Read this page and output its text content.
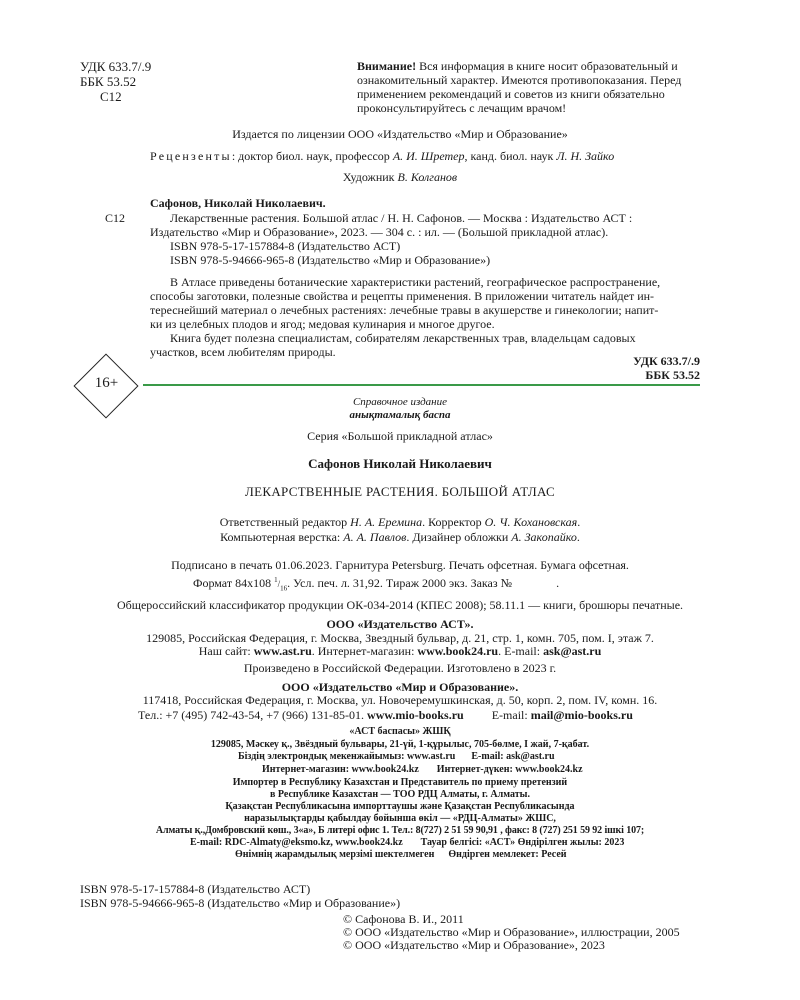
УДК 633.7/.9
ББК 53.52
С12
Внимание! Вся информация в книге носит образовательный и
ознакомительный характер. Имеются противопоказания. Перед
применением рекомендаций и советов из книги обязательно
проконсультируйтесь с лечащим врачом!
Издается по лицензии ООО «Издательство «Мир и Образование»
Рецензенты: доктор биол. наук, профессор А. И. Шретер, канд. биол. наук Л. Н. Зайко
Художник В. Колганов
Сафонов, Николай Николаевич.
С12	Лекарственные растения. Большой атлас / Н. Н. Сафонов. — Москва : Издательство АСТ :
Издательство «Мир и Образование», 2023. — 304 с. : ил. — (Большой прикладной атлас).
ISBN 978-5-17-157884-8 (Издательство АСТ)
ISBN 978-5-94666-965-8 (Издательство «Мир и Образование»)
В Атласе приведены ботанические характеристики растений, географическое распространение,
способы заготовки, полезные свойства и рецепты применения. В приложении читатель найдет ин-
тереснейший материал о лечебных растениях: лечебные травы в акушерстве и гинекологии; напит-
ки из целебных плодов и ягод; медовая кулинария и многое другое.
Книга будет полезна специалистам, собирателям лекарственных трав, владельцам садовых
участков, всем любителям природы.
УДК 633.7/.9
ББК 53.52
16+
Справочное издание
анықтамалық баспа
Серия «Большой прикладной атлас»
Сафонов Николай Николаевич
ЛЕКАРСТВЕННЫЕ РАСТЕНИЯ. БОЛЬШОЙ АТЛАС
Ответственный редактор Н. А. Еремина. Корректор О. Ч. Кохановская.
Компьютерная верстка: А. А. Павлов. Дизайнер обложки А. Закопайко.
Подписано в печать 01.06.2023. Гарнитура Petersburg. Печать офсетная. Бумага офсетная.
Формат 84x108 $^1/_{16}$. Усл. печ. л. 31,92. Тираж 2000 экз. Заказ №	.
Общероссийский классификатор продукции ОК-034-2014 (КПЕС 2008); 58.11.1 — книги, брошюры печатные.
ООО «Издательство АСТ».
129085, Российская Федерация, г. Москва, Звездный бульвар, д. 21, стр. 1, комн. 705, пом. I, этаж 7.
Наш сайт: www.ast.ru. Интернет-магазин: www.book24.ru. E-mail: ask@ast.ru
Произведено в Российской Федерации. Изготовлено в 2023 г.
ООО «Издательство «Мир и Образование».
117418, Российская Федерация, г. Москва, ул. Новочеремушкинская, д. 50, корп. 2, пом. IV, комн. 16.
Тел.: +7 (495) 742-43-54, +7 (966) 131-85-01. www.mio-books.ru E-mail: mail@mio-books.ru
«АСТ баспасы» ЖШҚ
129085, Мәскеу қ., Звёздный бульвары, 21-үй, 1-құрылыс, 705-бөлме, I жай, 7-қабат.
Біздің электрондық мекенжайымыз: www.ast.ru E-mail: ask@ast.ru
Интернет-магазин: www.book24.kz Интернет-дүкен: www.book24.kz
Импортер в Республику Казахстан и Представитель по приему претензий
в Республике Казахстан — ТОО РДЦ Алматы, г. Алматы.
Қазақстан Республикасына импорттаушы және Қазақстан Республикасында
наразылықтарды қабылдау бойынша өкіл — «РДЦ-Алматы» ЖШС,
Алматы қ.,Домбровский көш., 3«а», Б литері офис 1. Тел.: 8(727) 2 51 59 90,91 , факс: 8 (727) 251 59 92 ішкі 107;
E-mail: RDC-Almaty@eksmo.kz, www.book24.kz Тауар белгісі: «АСТ» Өндірілген жылы: 2023
Өнімнің жарамдылық мерзімі шектелмеген Өндірген мемлекет: Ресей
ISBN 978-5-17-157884-8 (Издательство АСТ)
ISBN 978-5-94666-965-8 (Издательство «Мир и Образование»)
© Сафонова В. И., 2011
© ООО «Издательство «Мир и Образование», иллюстрации, 2005
© ООО «Издательство «Мир и Образование», 2023
